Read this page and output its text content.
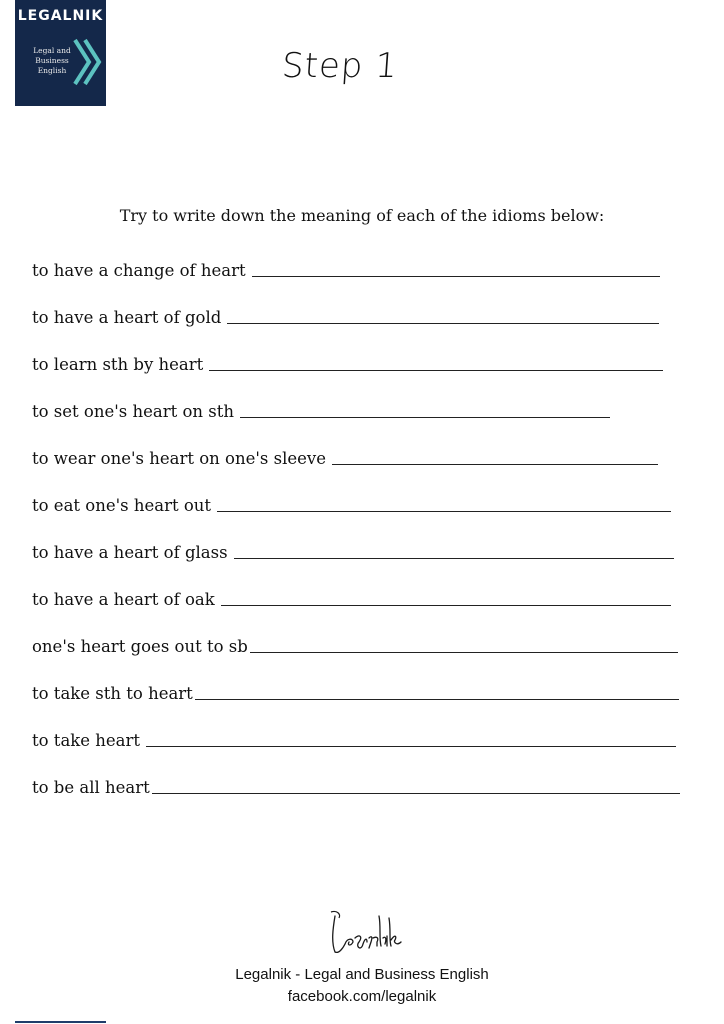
LEGALNIK
Legal and
Business
English	Step 1
Try to write down the meaning of each of the idioms below:
to have a change of heart
to have a heart of gold
to learn sth by heart
to set one's heart on sth
to wear one's heart on one's sleeve
to eat one's heart out
to have a heart of glass
to have a heart of oak
one's heart goes out to sb
to take sth to heart
to take heart
to be all heart
Legalnik - Legal and Business English
facebook.com/legalnik
